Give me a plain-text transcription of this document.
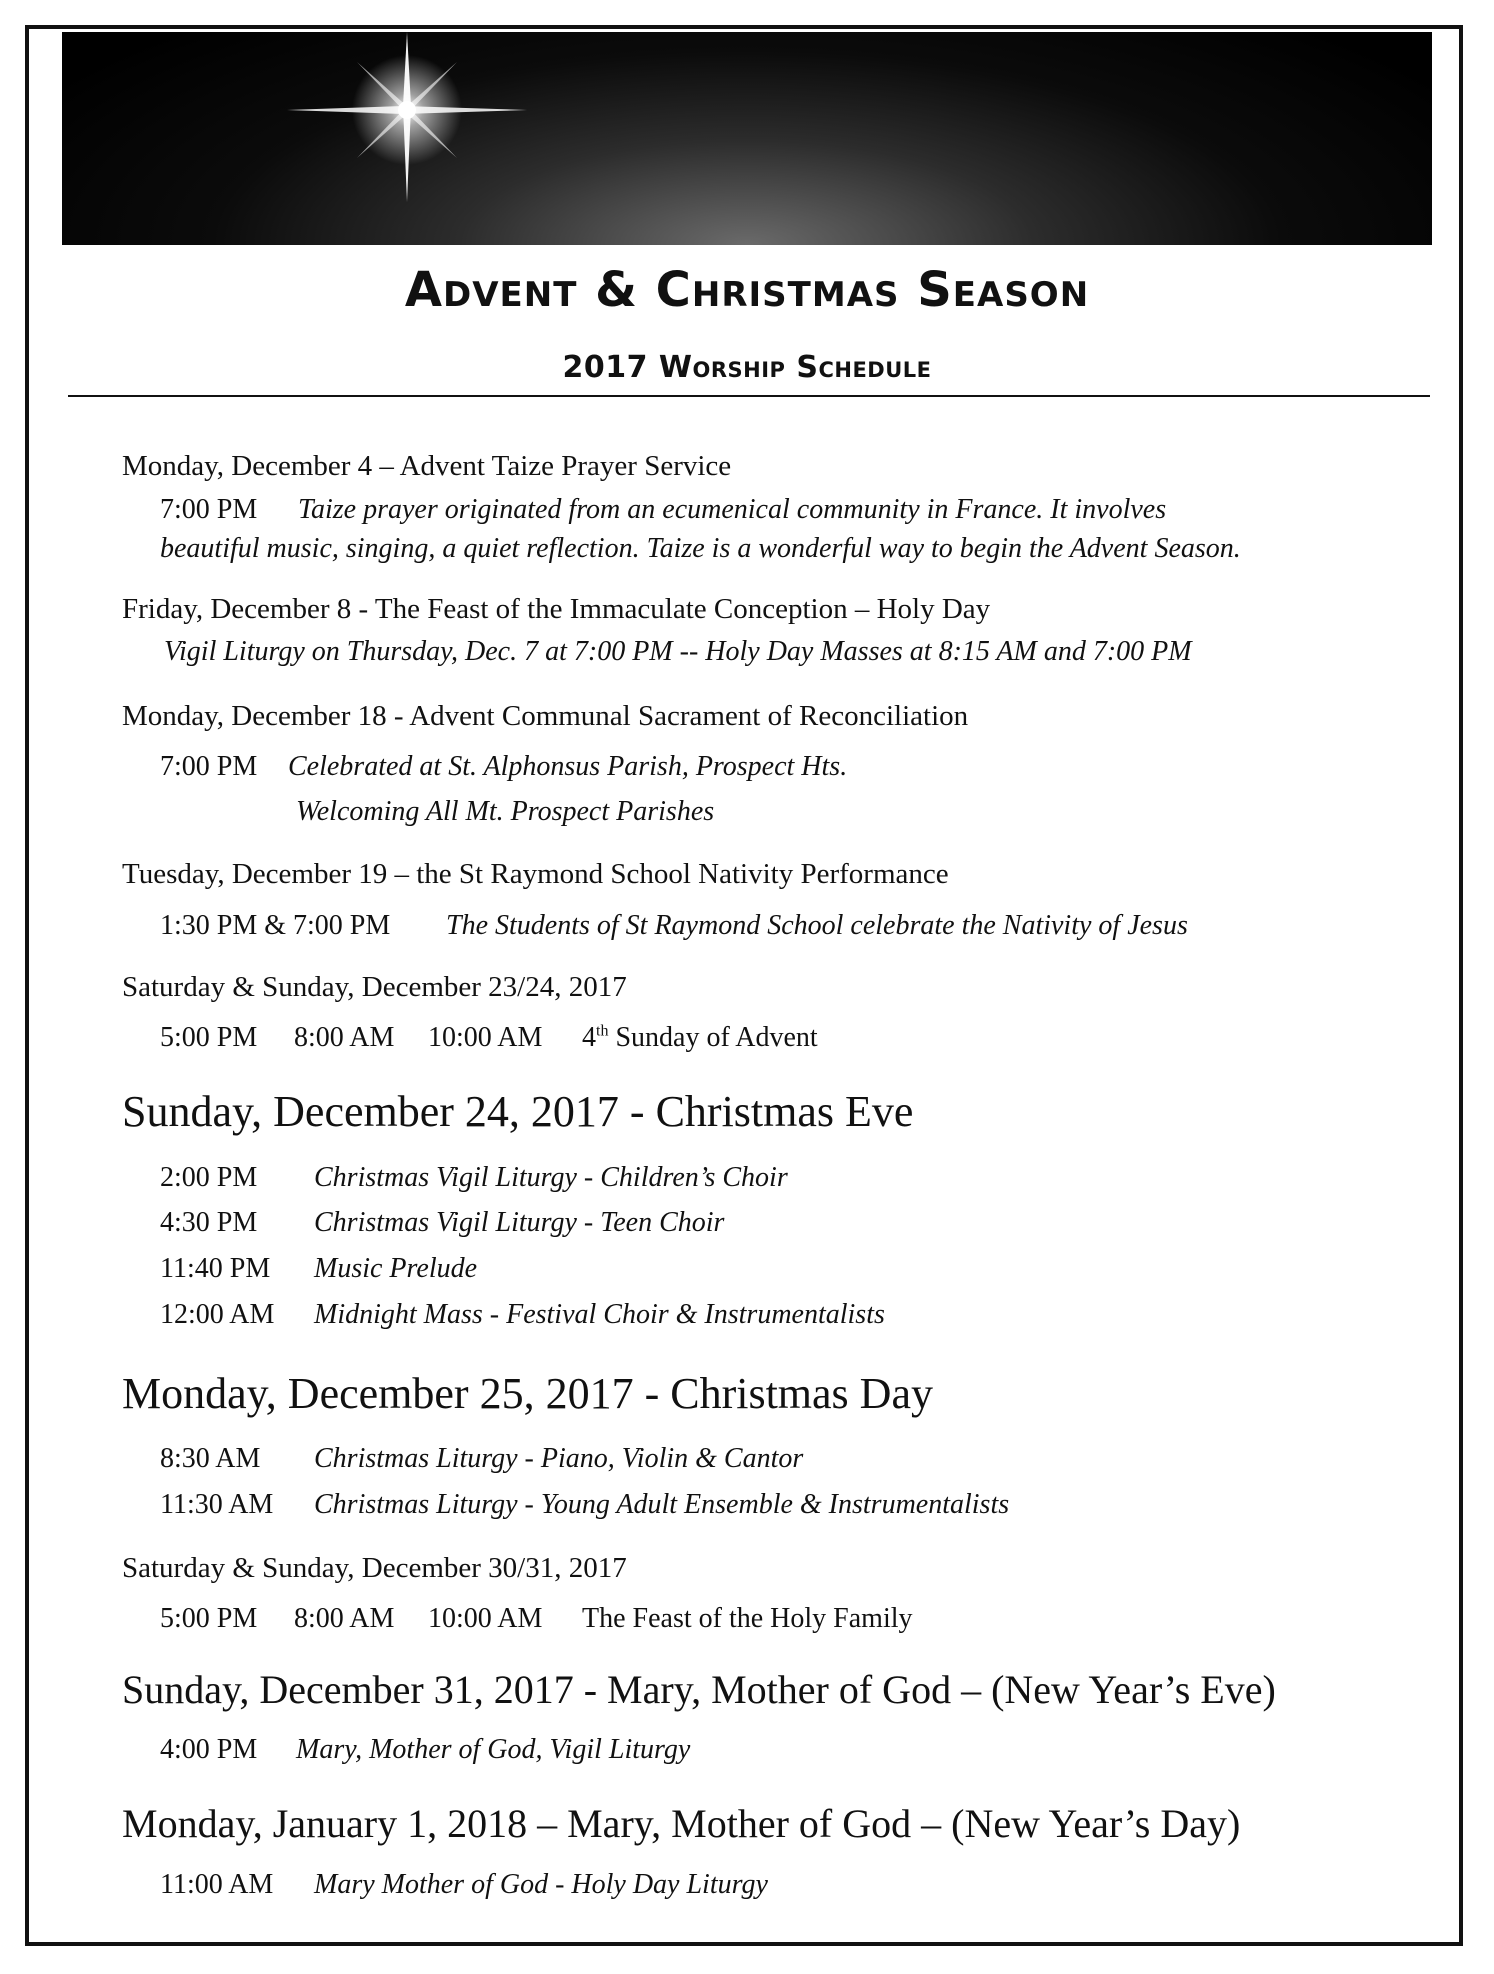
Advent & Christmas Season
2017 Worship Schedule
Monday, December 4 – Advent Taize Prayer Service
7:00 PM Taize prayer originated from an ecumenical community in France. It involves
beautiful music, singing, a quiet reflection. Taize is a wonderful way to begin the Advent Season.
Friday, December 8 - The Feast of the Immaculate Conception – Holy Day
Vigil Liturgy on Thursday, Dec. 7 at 7:00 PM -- Holy Day Masses at 8:15 AM and 7:00 PM
Monday, December 18 - Advent Communal Sacrament of Reconciliation
7:00 PM Celebrated at St. Alphonsus Parish, Prospect Hts.
Welcoming All Mt. Prospect Parishes
Tuesday, December 19 – the St Raymond School Nativity Performance
1:30 PM & 7:00 PM The Students of St Raymond School celebrate the Nativity of Jesus
Saturday & Sunday, December 23/24, 2017
5:00 PM 8:00 AM 10:00 AM 4th Sunday of Advent
Sunday, December 24, 2017 - Christmas Eve
2:00 PM Christmas Vigil Liturgy - Children’s Choir
4:30 PM Christmas Vigil Liturgy - Teen Choir
11:40 PM Music Prelude
12:00 AM Midnight Mass - Festival Choir & Instrumentalists
Monday, December 25, 2017 - Christmas Day
8:30 AM Christmas Liturgy - Piano, Violin & Cantor
11:30 AM Christmas Liturgy - Young Adult Ensemble & Instrumentalists
Saturday & Sunday, December 30/31, 2017
5:00 PM 8:00 AM 10:00 AM The Feast of the Holy Family
Sunday, December 31, 2017 - Mary, Mother of God – (New Year’s Eve)
4:00 PM Mary, Mother of God, Vigil Liturgy
Monday, January 1, 2018 – Mary, Mother of God – (New Year’s Day)
11:00 AM Mary Mother of God - Holy Day Liturgy
